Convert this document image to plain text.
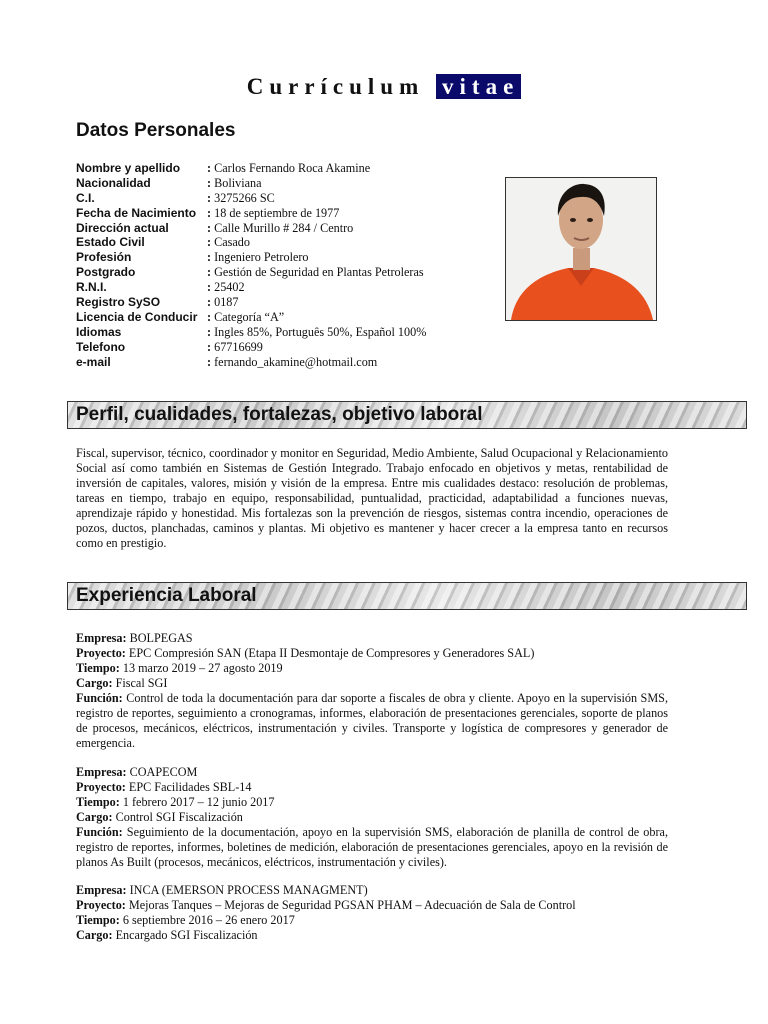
Currículum vitae
Datos Personales
Nombre y apellido : Carlos Fernando Roca Akamine
Nacionalidad	: Boliviana
C.I.	: 3275266 SC
Fecha de Nacimiento : 18 de septiembre de 1977
Dirección actual	: Calle Murillo # 284 / Centro
Estado Civil	: Casado
Profesión	: Ingeniero Petrolero
Postgrado	: Gestión de Seguridad en Plantas Petroleras
R.N.I.	: 25402
Registro SySO	: 0187
Licencia de Conducir : Categoría “A”
Idiomas	: Ingles 85%, Português 50%, Español 100%
Telefono	: 67716699
e-mail	: fernando_akamine@hotmail.com
Perfil, cualidades, fortalezas, objetivo laboral
Fiscal, supervisor, técnico, coordinador y monitor en Seguridad, Medio Ambiente, Salud Ocupacional y Relacionamiento Social así como también en Sistemas de Gestión Integrado. Trabajo enfocado en objetivos y metas, rentabilidad de inversión de capitales, valores, misión y visión de la empresa. Entre mis cualidades destaco: resolución de problemas, tareas en tiempo, trabajo en equipo, responsabilidad, puntualidad, practicidad, adaptabilidad a funciones nuevas, aprendizaje rápido y honestidad. Mis fortalezas son la prevención de riesgos, sistemas contra incendio, operaciones de pozos, ductos, planchadas, caminos y plantas. Mi objetivo es mantener y hacer crecer a la empresa tanto en recursos como en prestigio.
Experiencia Laboral
Empresa: BOLPEGAS
Proyecto: EPC Compresión SAN (Etapa II Desmontaje de Compresores y Generadores SAL)
Tiempo: 13 marzo 2019 – 27 agosto 2019
Cargo: Fiscal SGI
Función: Control de toda la documentación para dar soporte a fiscales de obra y cliente. Apoyo en la supervisión SMS, registro de reportes, seguimiento a cronogramas, informes, elaboración de presentaciones gerenciales, soporte de planos de procesos, mecánicos, eléctricos, instrumentación y civiles. Transporte y logística de compresores y generador de emergencia.
Empresa: COAPECOM
Proyecto: EPC Facilidades SBL-14
Tiempo: 1 febrero 2017 – 12 junio 2017
Cargo: Control SGI Fiscalización
Función: Seguimiento de la documentación, apoyo en la supervisión SMS, elaboración de planilla de control de obra, registro de reportes, informes, boletines de medición, elaboración de presentaciones gerenciales, apoyo en la revisión de planos As Built (procesos, mecánicos, eléctricos, instrumentación y civiles).
Empresa: INCA (EMERSON PROCESS MANAGMENT)
Proyecto: Mejoras Tanques – Mejoras de Seguridad PGSAN PHAM – Adecuación de Sala de Control
Tiempo: 6 septiembre 2016 – 26 enero 2017
Cargo: Encargado SGI Fiscalización
